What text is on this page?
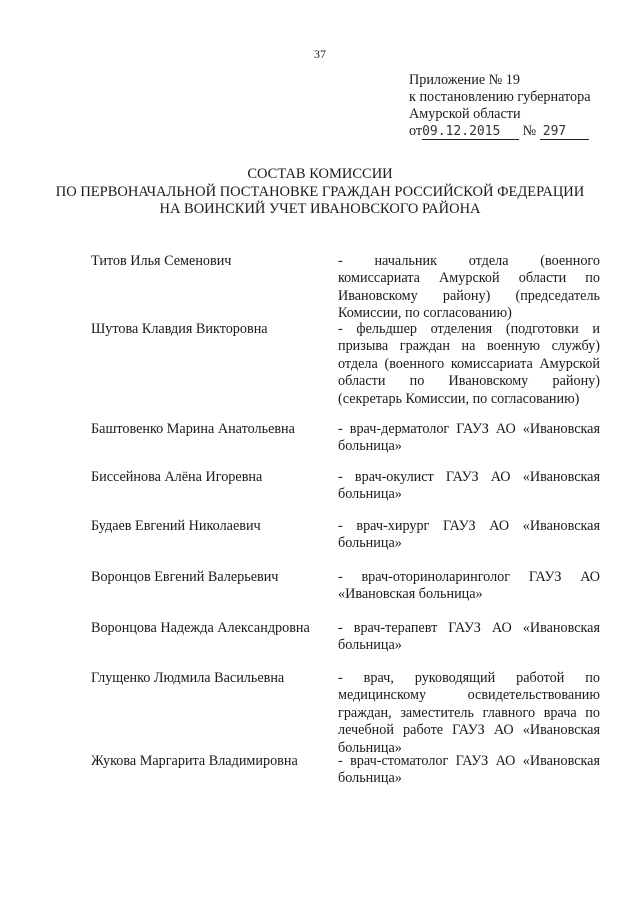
37
Приложение № 19
к постановлению губернатора
Амурской области
от09.12.2015 № 297
СОСТАВ КОМИССИИ
ПО ПЕРВОНАЧАЛЬНОЙ ПОСТАНОВКЕ ГРАЖДАН РОССИЙСКОЙ ФЕДЕРАЦИИ
НА ВОИНСКИЙ УЧЕТ ИВАНОВСКОГО РАЙОНА
Титов Илья Семенович	- начальник отдела (военного комиссариата Амурской области по Ивановскому району) (председатель Комиссии, по согласованию)
Шутова Клавдия Викторовна	- фельдшер отделения (подготовки и призыва граждан на военную службу) отдела (военного комиссариата Амурской области по Ивановскому району) (секретарь Комиссии, по согласованию)
Баштовенко Марина Анатольевна	- врач-дерматолог ГАУЗ АО «Ивановская больница»
Биссейнова Алёна Игоревна	- врач-окулист ГАУЗ АО «Ивановская больница»
Будаев Евгений Николаевич	- врач-хирург ГАУЗ АО «Ивановская больница»
Воронцов Евгений Валерьевич	- врач-оториноларинголог ГАУЗ АО «Ивановская больница»
Воронцова Надежда Александровна - врач-терапевт ГАУЗ АО «Ивановская больница»
Глущенко Людмила Васильевна	- врач, руководящий работой по медицинскому освидетельствованию граждан, заместитель главного врача по лечебной работе ГАУЗ АО «Ивановская больница»
Жукова Маргарита Владимировна	- врач-стоматолог ГАУЗ АО «Ивановская больница»
